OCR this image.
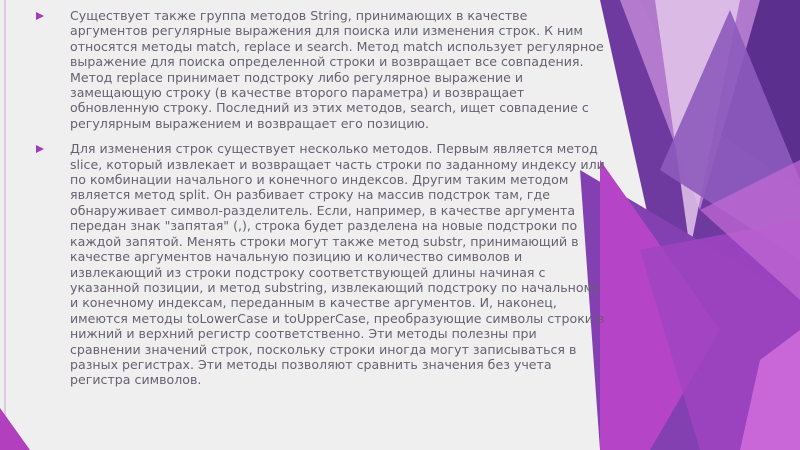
Существует также группа методов String, принимающих в качестве аргументов регулярные выражения для поиска или изменения строк. К ним относятся методы match, replace и search. Метод match использует регулярное выражение для поиска определенной строки и возвращает все совпадения. Метод replace принимает подстроку либо регулярное выражение и замещающую строку (в качестве второго параметра) и возвращает обновленную строку. Последний из этих методов, search, ищет совпадение с регулярным выражением и возвращает его позицию.
Для изменения строк существует несколько методов. Первым является метод slice, который извлекает и возвращает часть строки по заданному индексу или по комбинации начального и конечного индексов. Другим таким методом является метод split. Он разбивает строку на массив подстрок там, где обнаруживает символ-разделитель. Если, например, в качестве аргумента передан знак "запятая" (,), строка будет разделена на новые подстроки по каждой запятой. Менять строки могут также метод substr, принимающий в качестве аргументов начальную позицию и количество символов и извлекающий из строки подстроку соответствующей длины начиная с указанной позиции, и метод substring, извлекающий подстроку по начальному и конечному индексам, переданным в качестве аргументов. И, наконец, имеются методы toLowerCase и toUpperCase, преобразующие символы строки в нижний и верхний регистр соответственно. Эти методы полезны при сравнении значений строк, поскольку строки иногда могут записываться в разных регистрах. Эти методы позволяют сравнить значения без учета регистра символов.
